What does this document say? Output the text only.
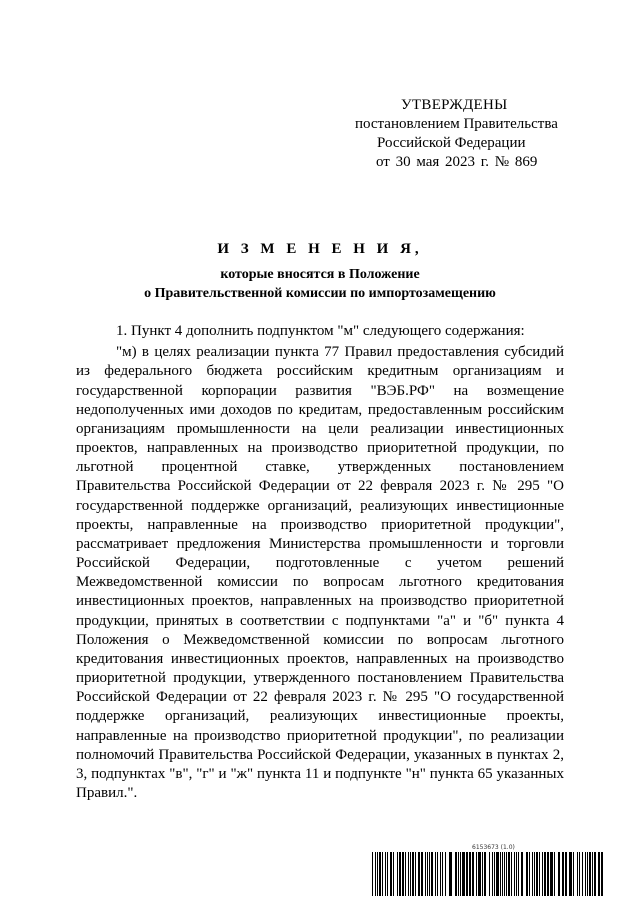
УТВЕРЖДЕНЫ
постановлением Правительства
Российской Федерации
от 30 мая 2023 г. № 869
И З М Е Н Е Н И Я,
которые вносятся в Положение
о Правительственной комиссии по импортозамещению

1. Пункт 4 дополнить подпунктом "м" следующего содержания:

"м) в целях реализации пункта 77 Правил предоставления субсидий из федерального бюджета российским кредитным организациям и государственной корпорации развития "ВЭБ.РФ" на возмещение недополученных ими доходов по кредитам, предоставленным российским организациям промышленности на цели реализации инвестиционных проектов, направленных на производство приоритетной продукции, по льготной процентной ставке, утвержденных постановлением Правительства Российской Федерации от 22 февраля 2023 г. № 295 "О государственной поддержке организаций, реализующих инвестиционные проекты, направленные на производство приоритетной продукции", рассматривает предложения Министерства промышленности и торговли Российской Федерации, подготовленные с учетом решений Межведомственной комиссии по вопросам льготного кредитования инвестиционных проектов, направленных на производство приоритетной продукции, принятых в соответствии с подпунктами "а" и "б" пункта 4 Положения о Межведомственной комиссии по вопросам льготного кредитования инвестиционных проектов, направленных на производство приоритетной продукции, утвержденного постановлением Правительства Российской Федерации от 22 февраля 2023 г. № 295 "О государственной поддержке организаций, реализующих инвестиционные проекты, направленные на производство приоритетной продукции", по реализации полномочий Правительства Российской Федерации, указанных в пунктах 2, 3, подпунктах "в", "г" и "ж" пункта 11 и подпункте "н" пункта 65 указанных Правил.".

6153673 (1.0)
